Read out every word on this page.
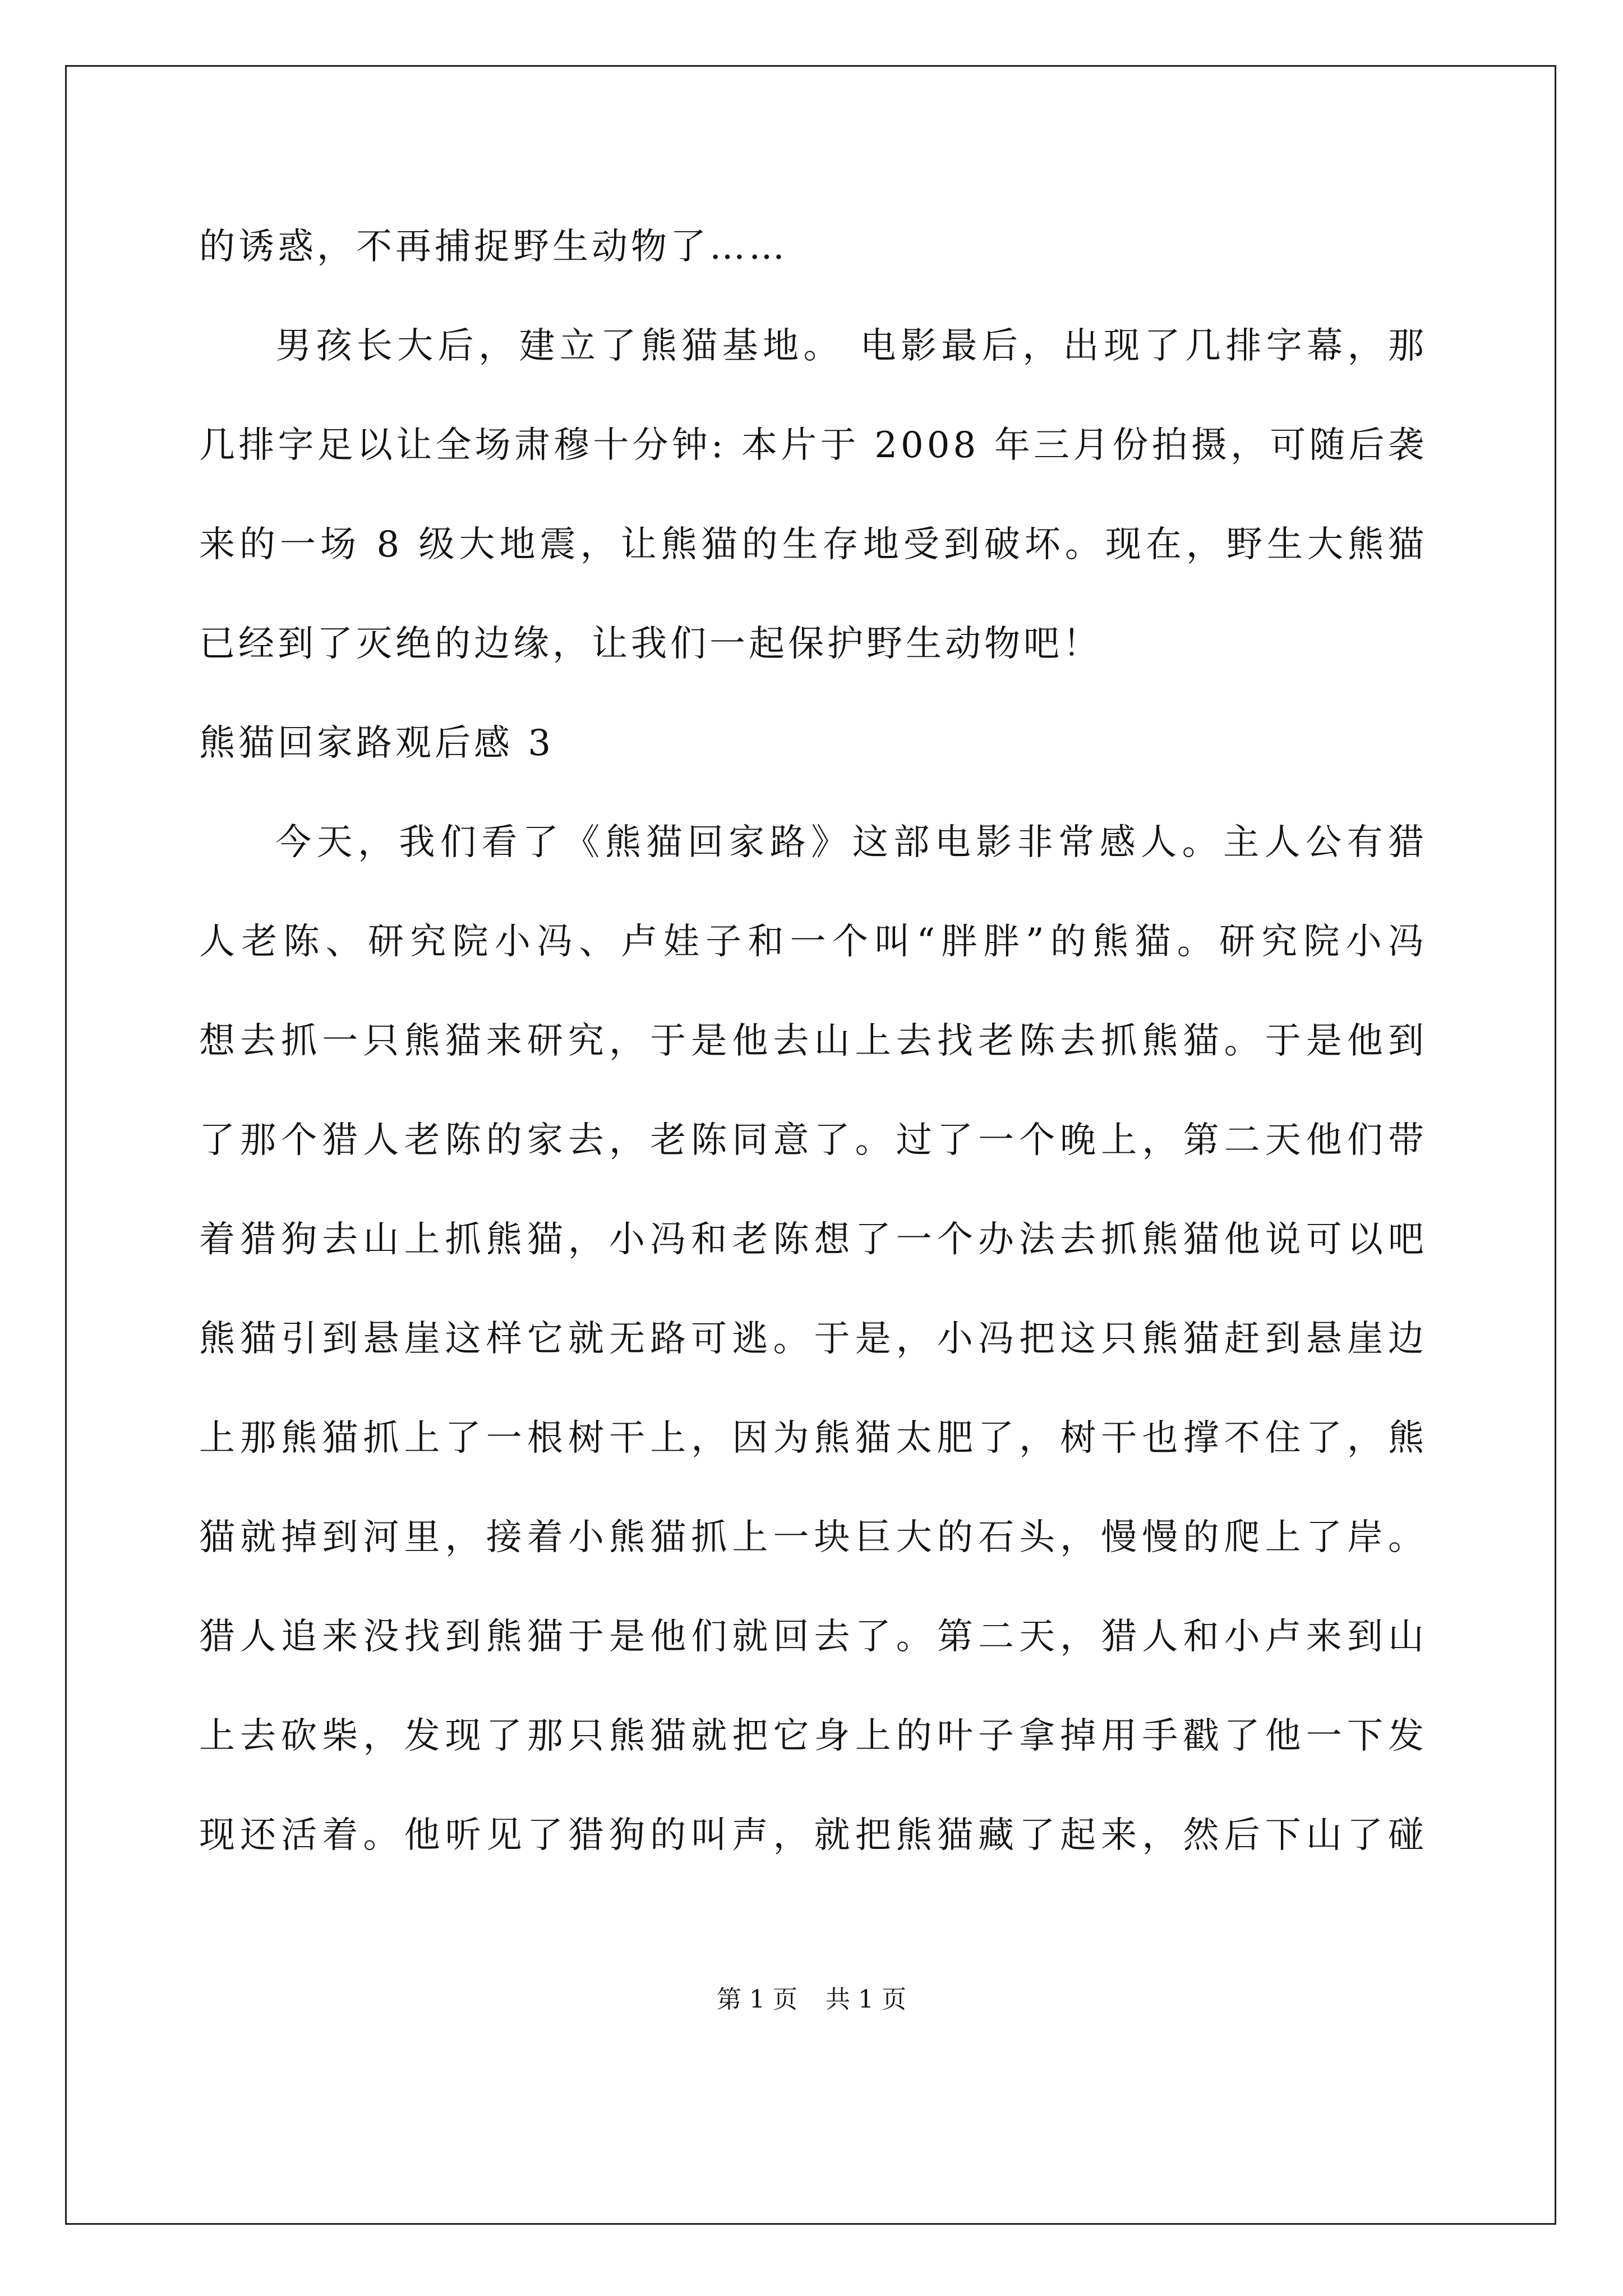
的诱惑，不再捕捉野生动物了……
男孩长大后，建立了熊猫基地。 电影最后，出现了几排字幕，那
几排字足以让全场肃穆十分钟: 本片于 2008 年三月份拍摄，可随后袭
来的一场 8 级大地震，让熊猫的生存地受到破坏。现在，野生大熊猫
已经到了灭绝的边缘，让我们一起保护野生动物吧！
熊猫回家路观后感 3
今天，我们看了《熊猫回家路》这部电影非常感人。主人公有猎
人老陈、研究院小冯、卢娃子和一个叫“胖胖”的熊猫。研究院小冯
想去抓一只熊猫来研究，于是他去山上去找老陈去抓熊猫。于是他到
了那个猎人老陈的家去，老陈同意了。过了一个晚上，第二天他们带
着猎狗去山上抓熊猫，小冯和老陈想了一个办法去抓熊猫他说可以吧
熊猫引到悬崖这样它就无路可逃。于是，小冯把这只熊猫赶到悬崖边
上那熊猫抓上了一根树干上，因为熊猫太肥了，树干也撑不住了，熊
猫就掉到河里，接着小熊猫抓上一块巨大的石头，慢慢的爬上了岸。
猎人追来没找到熊猫于是他们就回去了。第二天，猎人和小卢来到山
上去砍柴，发现了那只熊猫就把它身上的叶子拿掉用手戳了他一下发
现还活着。他听见了猎狗的叫声，就把熊猫藏了起来，然后下山了碰
第 1 页 共 1 页
